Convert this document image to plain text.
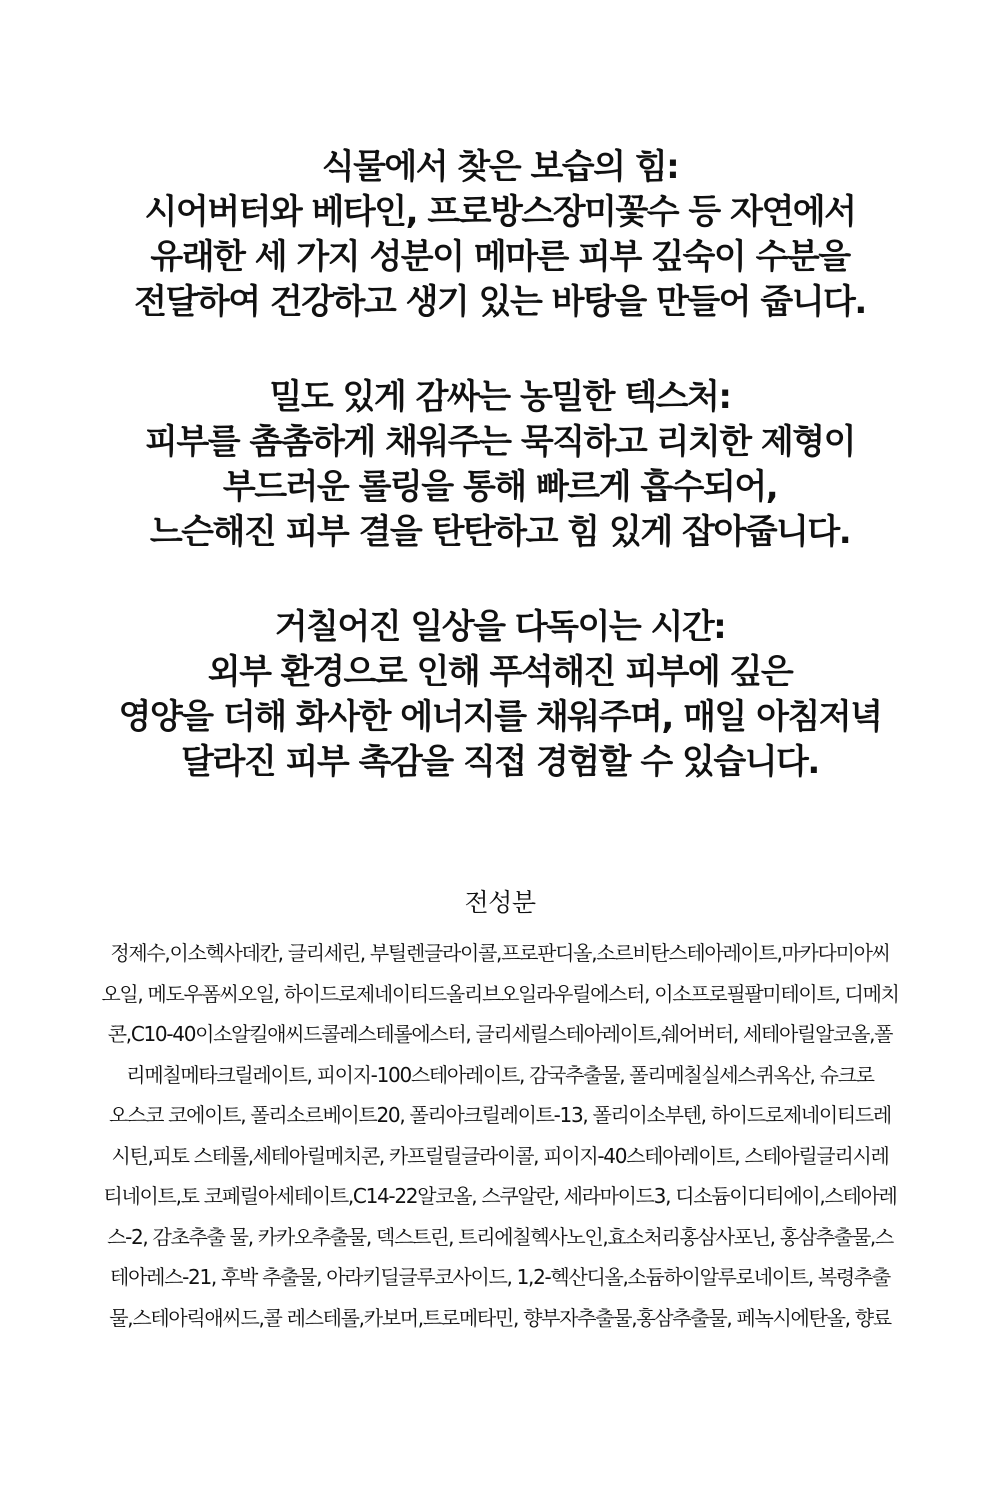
식물에서 찾은 보습의 힘:
시어버터와 베타인, 프로방스장미꽃수 등 자연에서
유래한 세 가지 성분이 메마른 피부 깊숙이 수분을
전달하여 건강하고 생기 있는 바탕을 만들어 줍니다.
밀도 있게 감싸는 농밀한 텍스처:
피부를 촘촘하게 채워주는 묵직하고 리치한 제형이
부드러운 롤링을 통해 빠르게 흡수되어,
느슨해진 피부 결을 탄탄하고 힘 있게 잡아줍니다.
거칠어진 일상을 다독이는 시간:
외부 환경으로 인해 푸석해진 피부에 깊은
영양을 더해 화사한 에너지를 채워주며, 매일 아침저녁
달라진 피부 촉감을 직접 경험할 수 있습니다.
전성분
정제수,이소헥사데칸, 글리세린, 부틸렌글라이콜,프로판디올,소르비탄스테아레이트,마카다미아씨
오일, 메도우폼씨오일, 하이드로제네이티드올리브오일라우릴에스터, 이소프로필팔미테이트, 디메치
콘,C10-40이소알킬애씨드콜레스테롤에스터, 글리세릴스테아레이트,쉐어버터, 세테아릴알코올,폴
리메칠메타크릴레이트, 피이지-100스테아레이트, 감국추출물, 폴리메칠실세스퀴옥산, 슈크로
오스코 코에이트, 폴리소르베이트20, 폴리아크릴레이트-13, 폴리이소부텐, 하이드로제네이티드레
시틴,피토 스테롤,세테아릴메치콘, 카프릴릴글라이콜, 피이지-40스테아레이트, 스테아릴글리시레
티네이트,토 코페릴아세테이트,C14-22알코올, 스쿠알란, 세라마이드3, 디소듐이디티에이,스테아레
스-2, 감초추출 물, 카카오추출물, 덱스트린, 트리에칠헥사노인,효소처리홍삼사포닌, 홍삼추출물,스
테아레스-21, 후박 추출물, 아라키딜글루코사이드, 1,2-헥산디올,소듐하이알루로네이트, 복령추출
물,스테아릭애씨드,콜 레스테롤,카보머,트로메타민, 향부자추출물,홍삼추출물, 페녹시에탄올, 향료
